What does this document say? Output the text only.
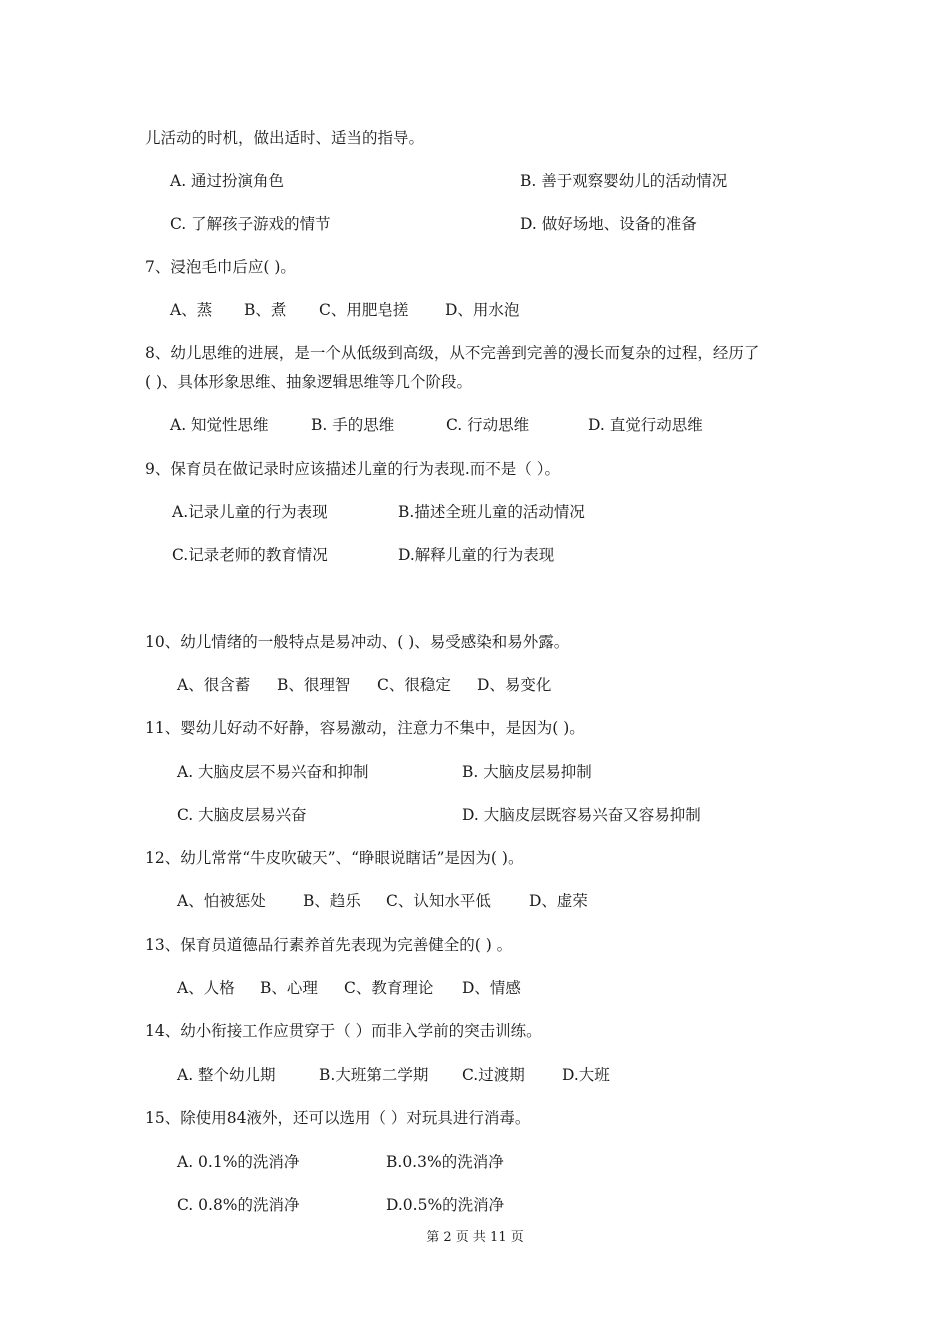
儿活动的时机，做出适时、适当的指导。
A. 通过扮演角色	B. 善于观察婴幼儿的活动情况
C. 了解孩子游戏的情节	D. 做好场地、设备的准备
7、浸泡毛巾后应( )。
A、蒸 B、煮 C、用肥皂搓 D、用水泡
8、幼儿思维的进展，是一个从低级到高级，从不完善到完善的漫长而复杂的过程，经历了
( )、具体形象思维、抽象逻辑思维等几个阶段。
A. 知觉性思维	B. 手的思维	C. 行动思维	D. 直觉行动思维
9、保育员在做记录时应该描述儿童的行为表现.而不是（ ）。
A.记录儿童的行为表现	B.描述全班儿童的活动情况
C.记录老师的教育情况	D.解释儿童的行为表现
10、幼儿情绪的一般特点是易冲动、( )、易受感染和易外露。
A、很含蓄 B、很理智 C、很稳定 D、易变化
11、婴幼儿好动不好静，容易激动，注意力不集中，是因为( )。
A. 大脑皮层不易兴奋和抑制	B. 大脑皮层易抑制
C. 大脑皮层易兴奋	D. 大脑皮层既容易兴奋又容易抑制
12、幼儿常常“牛皮吹破天”、“睁眼说瞎话”是因为( )。
A、怕被惩处 B、趋乐 C、认知水平低 D、虚荣
13、保育员道德品行素养首先表现为完善健全的( ) 。
A、人格 B、心理 C、教育理论 D、情感
14、幼小衔接工作应贯穿于（ ）而非入学前的突击训练。
A. 整个幼儿期	B.大班第二学期 C.过渡期 D.大班
15、除使用84液外，还可以选用（ ）对玩具进行消毒。
A. 0.1%的洗消净	B.0.3%的洗消净
C. 0.8%的洗消净	D.0.5%的洗消净
第 2 页 共 11 页
